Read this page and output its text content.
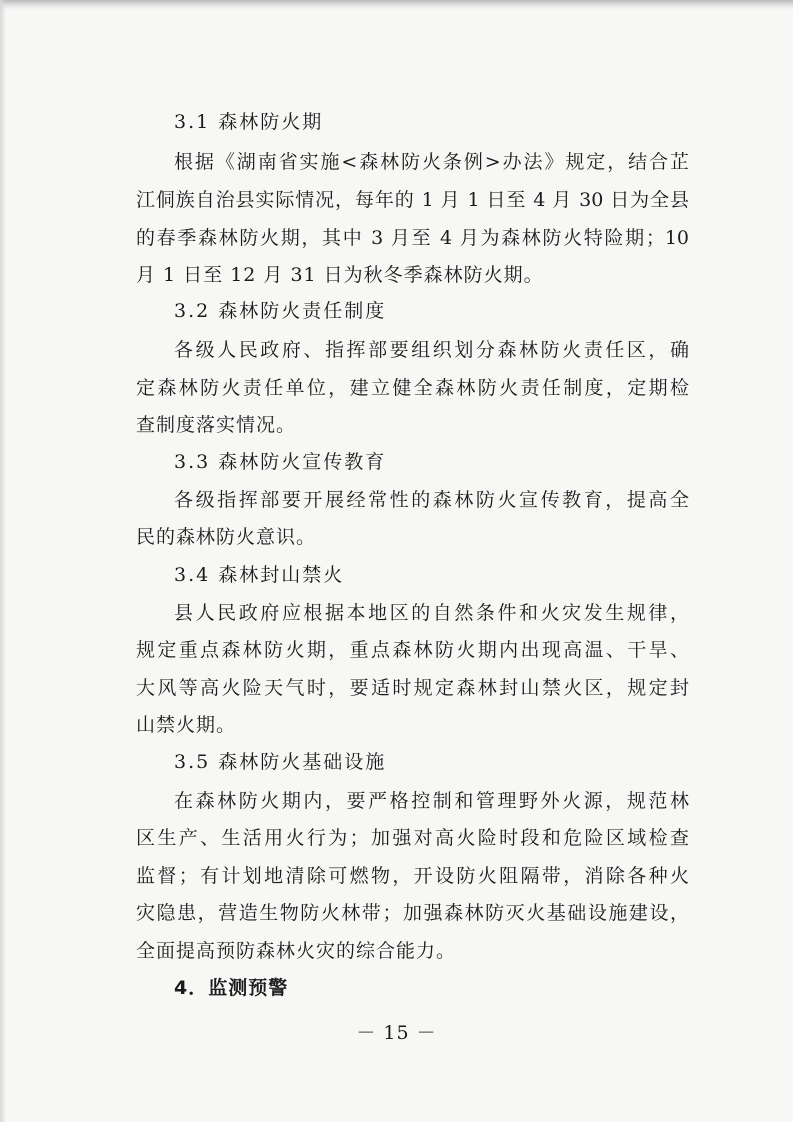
3.1 森林防火期
根据《湖南省实施<森林防火条例>办法》规定，结合芷
江侗族自治县实际情况，每年的 1 月 1 日至 4 月 30 日为全县
的春季森林防火期，其中 3 月至 4 月为森林防火特险期；10
月 1 日至 12 月 31 日为秋冬季森林防火期。
3.2 森林防火责任制度
各级人民政府、指挥部要组织划分森林防火责任区，确
定森林防火责任单位，建立健全森林防火责任制度，定期检
查制度落实情况。
3.3 森林防火宣传教育
各级指挥部要开展经常性的森林防火宣传教育，提高全
民的森林防火意识。
3.4 森林封山禁火
县人民政府应根据本地区的自然条件和火灾发生规律，
规定重点森林防火期，重点森林防火期内出现高温、干旱、
大风等高火险天气时，要适时规定森林封山禁火区，规定封
山禁火期。
3.5 森林防火基础设施
在森林防火期内，要严格控制和管理野外火源，规范林
区生产、生活用火行为；加强对高火险时段和危险区域检查
监督；有计划地清除可燃物，开设防火阻隔带，消除各种火
灾隐患，营造生物防火林带；加强森林防灭火基础设施建设，
全面提高预防森林火灾的综合能力。
4．监测预警
－ 15 －
